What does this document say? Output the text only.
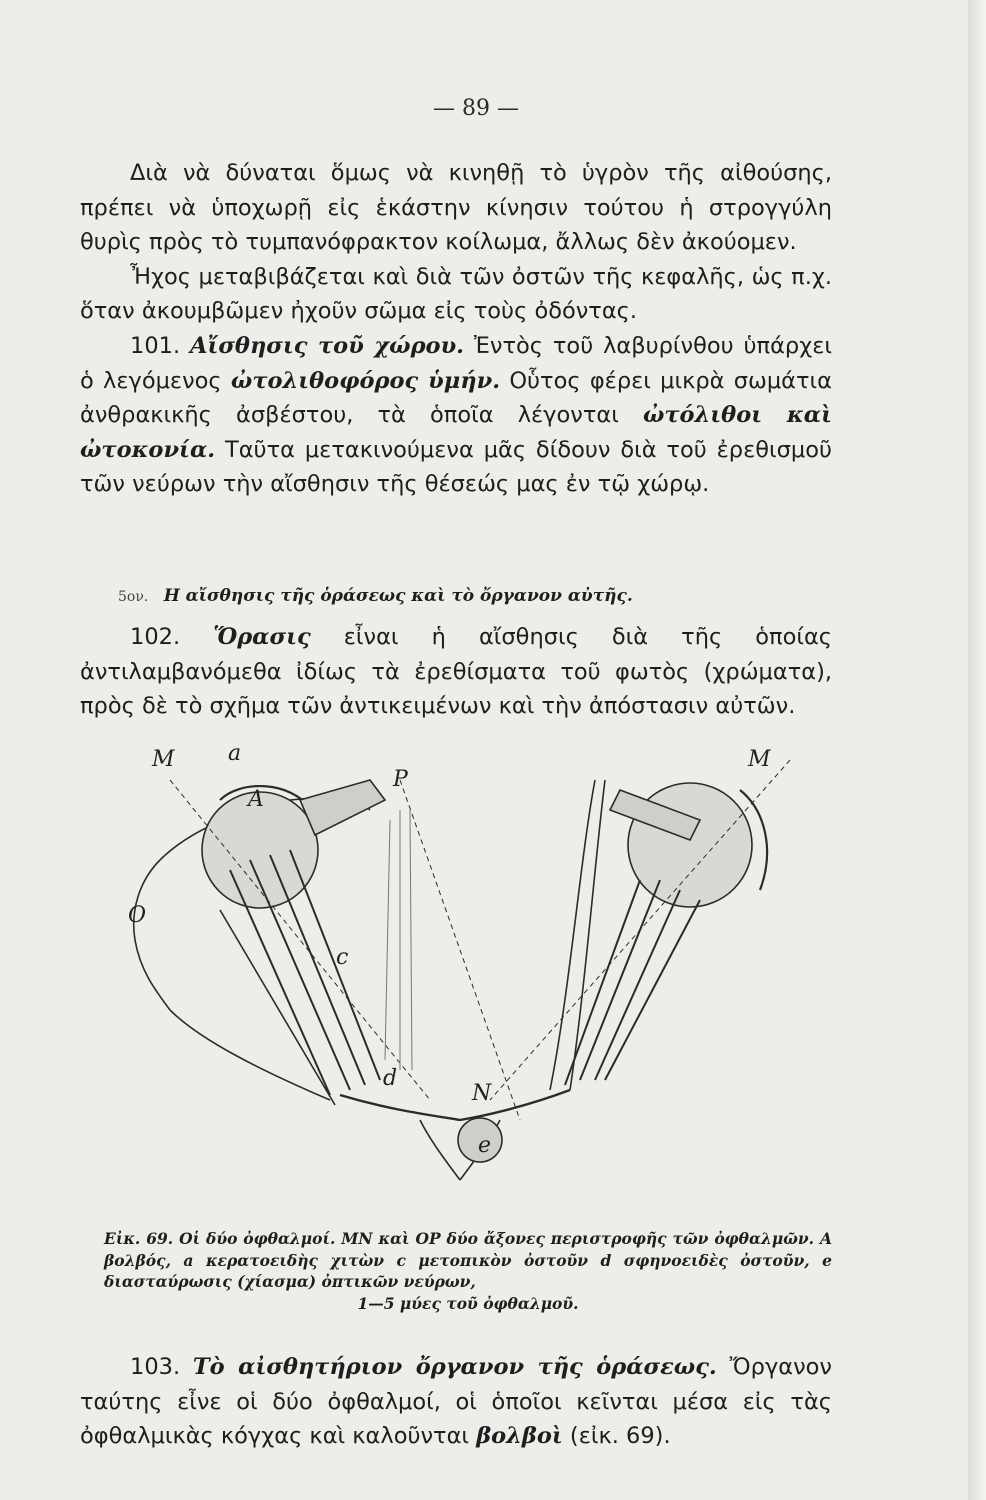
— 89 —

Διὰ νὰ δύναται ὅμως νὰ κινηθῇ τὸ ὑγρὸν τῆς αἰθούσης, πρέπει νὰ ὑποχωρῇ εἰς ἑκάστην κίνησιν τούτου ἡ στρογγύλη θυρὶς πρὸς τὸ τυμπανόφρακτον κοίλωμα, ἄλλως δὲν ἀκούομεν.

Ἦχος μεταβιβάζεται καὶ διὰ τῶν ὀστῶν τῆς κεφαλῆς, ὡς π.χ. ὅταν ἀκουμβῶμεν ἠχοῦν σῶμα εἰς τοὺς ὀδόντας.

101. Αἴσθησις τοῦ χώρου. Ἐντὸς τοῦ λαβυρίνθου ὑπάρχει ὁ λεγόμενος ὠτολιθοφόρος ὑμήν. Οὗτος φέρει μικρὰ σωμάτια ἀνθρακικῆς ἀσβέστου, τὰ ὁποῖα λέγονται ὠτόλιθοι καὶ ὠτοκονία. Ταῦτα μετακινούμενα μᾶς δίδουν διὰ τοῦ ἐρεθισμοῦ τῶν νεύρων τὴν αἴσθησιν τῆς θέσεώς μας ἐν τῷ χώρῳ.

5ον. Η αἴσθησις τῆς ὁράσεως καὶ τὸ ὄργανον αὐτῆς.

102. Ὅρασις εἶναι ἡ αἴσθησις διὰ τῆς ὁποίας ἀντιλαμβανόμεθα ἰδίως τὰ ἐρεθίσματα τοῦ φωτὸς (χρώματα), πρὸς δὲ τὸ σχῆμα τῶν ἀντικειμένων καὶ τὴν ἀπόστασιν αὐτῶν.

M a
A
P
O
N
e
d
c
M
Εἰκ. 69. Οἱ δύο ὀφθαλμοί. MN καὶ OP δύο ἄξονες περιστροφῆς τῶν ὀφθαλμῶν. A βολβός, a κερατοειδὴς χιτὼν c μετοπικὸν ὀστοῦν d σφηνοειδὲς ὀστοῦν, e διασταύρωσις (χίασμα) ὀπτικῶν νεύρων,
1—5 μύες τοῦ ὀφθαλμοῦ.

103. Τὸ αἰσθητήριον ὄργανον τῆς ὁράσεως. Ὄργανον ταύτης εἶνε οἱ δύο ὀφθαλμοί, οἱ ὁποῖοι κεῖνται μέσα εἰς τὰς ὀφθαλμικὰς κόγχας καὶ καλοῦνται βολβοὶ (εἰκ. 69).
